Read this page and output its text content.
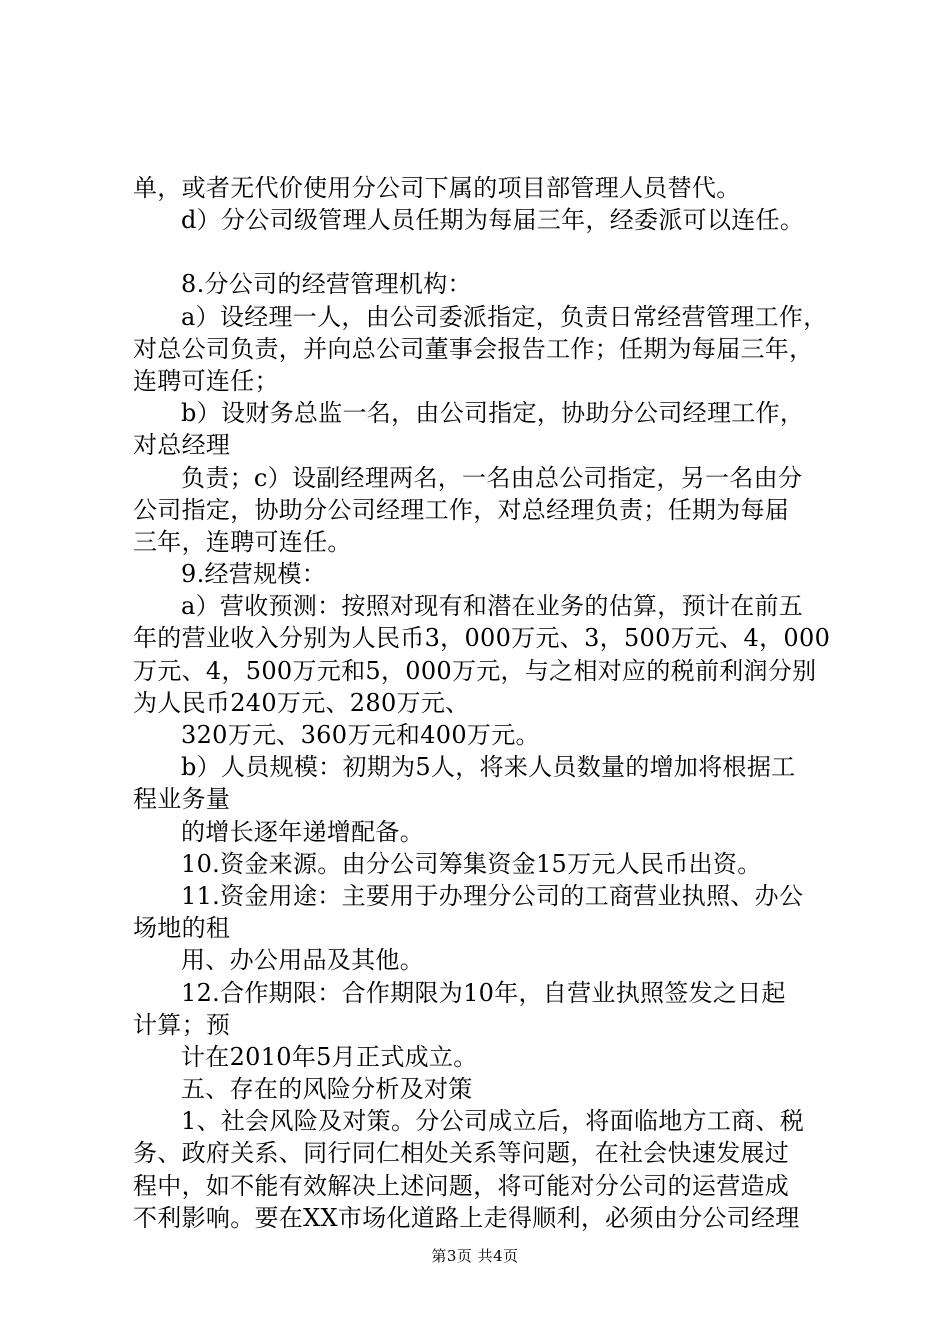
单，或者无代价使用分公司下属的项目部管理人员替代。
d）分公司级管理人员任期为每届三年，经委派可以连任。
8.分公司的经营管理机构：
a）设经理一人，由公司委派指定，负责日常经营管理工作，
对总公司负责，并向总公司董事会报告工作；任期为每届三年，
连聘可连任；
b）设财务总监一名，由公司指定，协助分公司经理工作，
对总经理
负责；c）设副经理两名，一名由总公司指定，另一名由分
公司指定，协助分公司经理工作，对总经理负责；任期为每届
三年，连聘可连任。
9.经营规模：
a）营收预测：按照对现有和潜在业务的估算，预计在前五
年的营业收入分别为人民币3，000万元、3，500万元、4，000
万元、4，500万元和5，000万元，与之相对应的税前利润分别
为人民币240万元、280万元、
320万元、360万元和400万元。
b）人员规模：初期为5人，将来人员数量的增加将根据工
程业务量
的增长逐年递增配备。
10.资金来源。由分公司筹集资金15万元人民币出资。
11.资金用途：主要用于办理分公司的工商营业执照、办公
场地的租
用、办公用品及其他。
12.合作期限：合作期限为10年，自营业执照签发之日起
计算；预
计在2010年5月正式成立。
五、存在的风险分析及对策
1、社会风险及对策。分公司成立后，将面临地方工商、税
务、政府关系、同行同仁相处关系等问题，在社会快速发展过
程中，如不能有效解决上述问题，将可能对分公司的运营造成
不利影响。要在XX市场化道路上走得顺利，必须由分公司经理
第3页 共4页
